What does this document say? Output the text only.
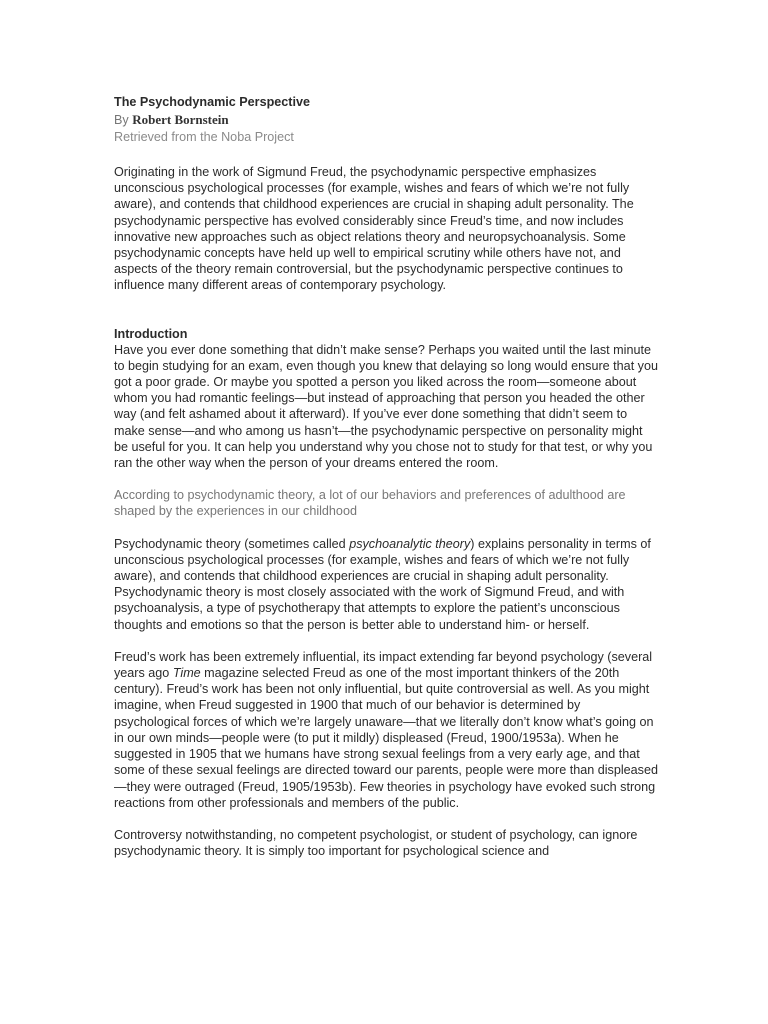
The Psychodynamic Perspective
By Robert Bornstein
Retrieved from the Noba Project

Originating in the work of Sigmund Freud, the psychodynamic perspective emphasizes unconscious psychological processes (for example, wishes and fears of which we’re not fully aware), and contends that childhood experiences are crucial in shaping adult personality. The psychodynamic perspective has evolved considerably since Freud’s time, and now includes innovative new approaches such as object relations theory and neuropsychoanalysis. Some psychodynamic concepts have held up well to empirical scrutiny while others have not, and aspects of the theory remain controversial, but the psychodynamic perspective continues to influence many different areas of contemporary psychology.

Introduction

Have you ever done something that didn’t make sense? Perhaps you waited until the last minute to begin studying for an exam, even though you knew that delaying so long would ensure that you got a poor grade. Or maybe you spotted a person you liked across the room—someone about whom you had romantic feelings—but instead of approaching that person you headed the other way (and felt ashamed about it afterward). If you’ve ever done something that didn’t seem to make sense—and who among us hasn’t—the psychodynamic perspective on personality might be useful for you. It can help you understand why you chose not to study for that test, or why you ran the other way when the person of your dreams entered the room.

According to psychodynamic theory, a lot of our behaviors and preferences of adulthood are shaped by the experiences in our childhood

Psychodynamic theory (sometimes called psychoanalytic theory) explains personality in terms of unconscious psychological processes (for example, wishes and fears of which we’re not fully aware), and contends that childhood experiences are crucial in shaping adult personality. Psychodynamic theory is most closely associated with the work of Sigmund Freud, and with psychoanalysis, a type of psychotherapy that attempts to explore the patient’s unconscious thoughts and emotions so that the person is better able to understand him- or herself.

Freud’s work has been extremely influential, its impact extending far beyond psychology (several years ago Time magazine selected Freud as one of the most important thinkers of the 20th century). Freud’s work has been not only influential, but quite controversial as well. As you might imagine, when Freud suggested in 1900 that much of our behavior is determined by psychological forces of which we’re largely unaware—that we literally don’t know what’s going on in our own minds—people were (to put it mildly) displeased (Freud, 1900/1953a). When he suggested in 1905 that we humans have strong sexual feelings from a very early age, and that some of these sexual feelings are directed toward our parents, people were more than displeased—they were outraged (Freud, 1905/1953b). Few theories in psychology have evoked such strong reactions from other professionals and members of the public.

Controversy notwithstanding, no competent psychologist, or student of psychology, can ignore psychodynamic theory. It is simply too important for psychological science and
